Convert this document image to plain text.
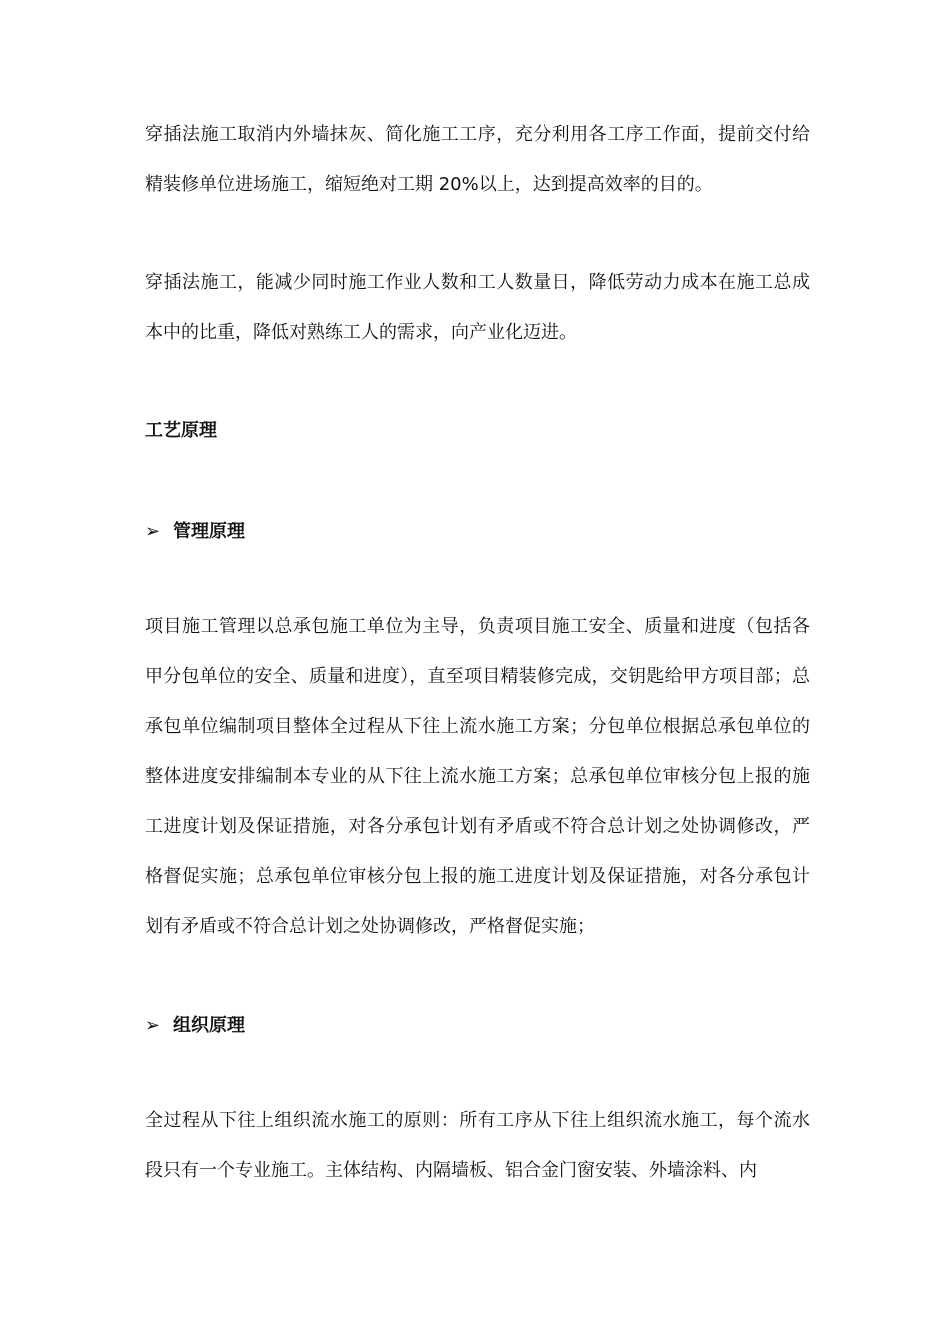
穿插法施工取消内外墙抹灰、简化施工工序，充分利用各工序工作面，提前交付给精装修单位进场施工，缩短绝对工期 20%以上，达到提高效率的目的。

穿插法施工，能减少同时施工作业人数和工人数量日，降低劳动力成本在施工总成本中的比重，降低对熟练工人的需求，向产业化迈进。

工艺原理
➢ 管理原理

项目施工管理以总承包施工单位为主导，负责项目施工安全、质量和进度（包括各甲分包单位的安全、质量和进度），直至项目精装修完成，交钥匙给甲方项目部；总承包单位编制项目整体全过程从下往上流水施工方案；分包单位根据总承包单位的整体进度安排编制本专业的从下往上流水施工方案；总承包单位审核分包上报的施工进度计划及保证措施，对各分承包计划有矛盾或不符合总计划之处协调修改，严格督促实施；总承包单位审核分包上报的施工进度计划及保证措施，对各分承包计划有矛盾或不符合总计划之处协调修改，严格督促实施；

➢ 组织原理

全过程从下往上组织流水施工的原则：所有工序从下往上组织流水施工，每个流水段只有一个专业施工。主体结构、内隔墙板、铝合金门窗安装、外墙涂料、内
